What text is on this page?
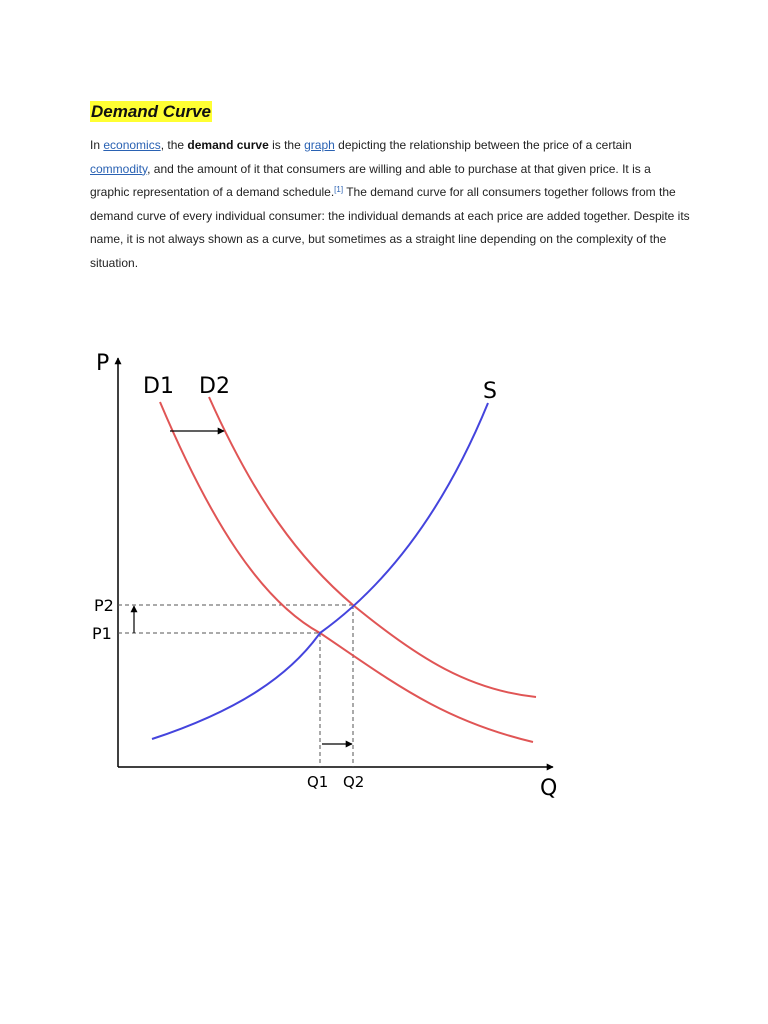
Demand Curve

In economics, the demand curve is the graph depicting the relationship between the price of a certain commodity, and the amount of it that consumers are willing and able to purchase at that given price. It is a graphic representation of a demand schedule.[1] The demand curve for all consumers together follows from the demand curve of every individual consumer: the individual demands at each price are added together. Despite its name, it is not always shown as a curve, but sometimes as a straight line depending on the complexity of the situation.

P
Q
D1 D2	S
P2
P1
Q1 Q2
